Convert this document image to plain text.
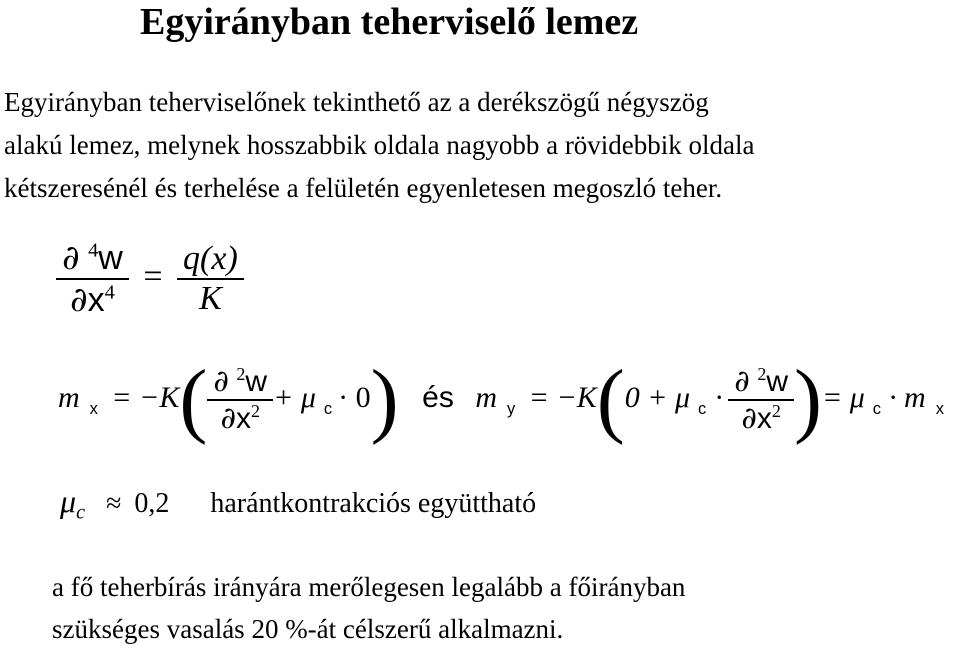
Egyirányban teherviselő lemez
Egyirányban teherviselőnek tekinthető az a derékszögű négyszög
alakú lemez, melynek hosszabbik oldala nagyobb a rövidebbik oldala
kétszeresénél és terhelése a felületén egyenletesen megoszló teher.
$\frac{\partial ^4w}{\partial x^4} = \frac{q(x)}{K}$
m $_x = -K( \frac{\partial ^2w}{\partial x^2} + \mu$ $_c$ · 0) és m $_y$ = −K(0 + μ $_c \cdot \frac{\partial ^2w}{\partial x^2}$ )= μ $_c$ · m $_x$
$\mu_c \approx 0,2$ harántkontrakciós együttható
a fő teherbírás irányára merőlegesen legalább a főirányban
szükséges vasalás 20 %-át célszerű alkalmazni.
